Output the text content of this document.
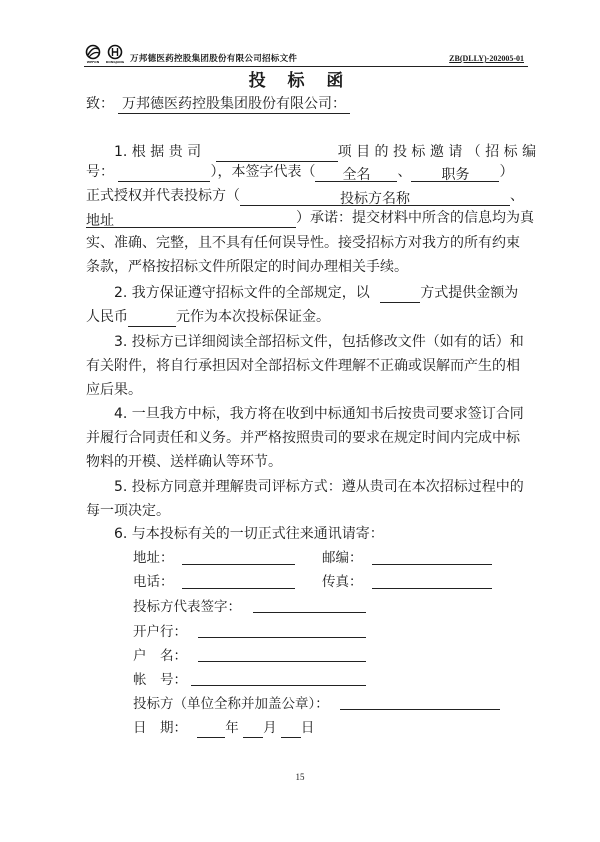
WEFON	DONGJANG 万邦德医药控股集团股份有限公司招标文件	ZB(DLLY)-202005-01
投 标 函
致： 万邦德医药控股集团股份有限公司：
1. 根 据 贵 司	项 目 的 投 标 邀 请 （ 招 标 编
号：	），本签字代表（ 全名 、 职务 ）
正式授权并代表投标方（	投标方名称	、
地址	）承诺：提交材料中所含的信息均为真
实、准确、完整，且不具有任何误导性。接受招标方对我方的所有约束
条款，严格按招标文件所限定的时间办理相关手续。
2. 我方保证遵守招标文件的全部规定，以	方式提供金额为
人民币	元作为本次投标保证金。
3. 投标方已详细阅读全部招标文件，包括修改文件（如有的话）和
有关附件，将自行承担因对全部招标文件理解不正确或误解而产生的相
应后果。
4. 一旦我方中标，我方将在收到中标通知书后按贵司要求签订合同
并履行合同责任和义务。并严格按照贵司的要求在规定时间内完成中标
物料的开模、送样确认等环节。
5. 投标方同意并理解贵司评标方式：遵从贵司在本次招标过程中的
每一项决定。
6. 与本投标有关的一切正式往来通讯请寄：
地址：	邮编：
电话：	传真：
投标方代表签字：
开户行：
户　名：
帐　号：
投标方（单位全称并加盖公章）：
日　期：	年 月 日
15
